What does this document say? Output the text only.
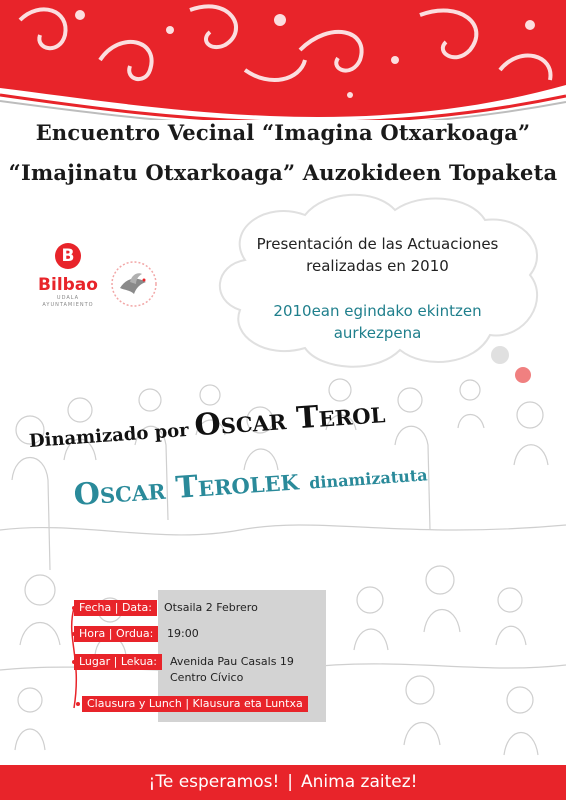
Encuentro Vecinal “Imagina Otxarkoaga”
“Imajinatu Otxarkoaga” Auzokideen Topaketa
Presentación de las Actuaciones
realizadas en 2010
2010ean egindako ekintzen
aurkezpena
B
Bilbao
UDALA
AYUNTAMIENTO
Dinamizado por Oscar Terol
Oscar Terolek dinamizatuta
Fecha | Data:	Otsaila 2 Febrero
Hora | Orduа:	19:00
Lugar | Lekua:	Avenida Pau Casals 19
Centro Cívico
Clausura y Lunch | Klausura eta Luntxa
¡Te esperamos! | Anima zaitez!
